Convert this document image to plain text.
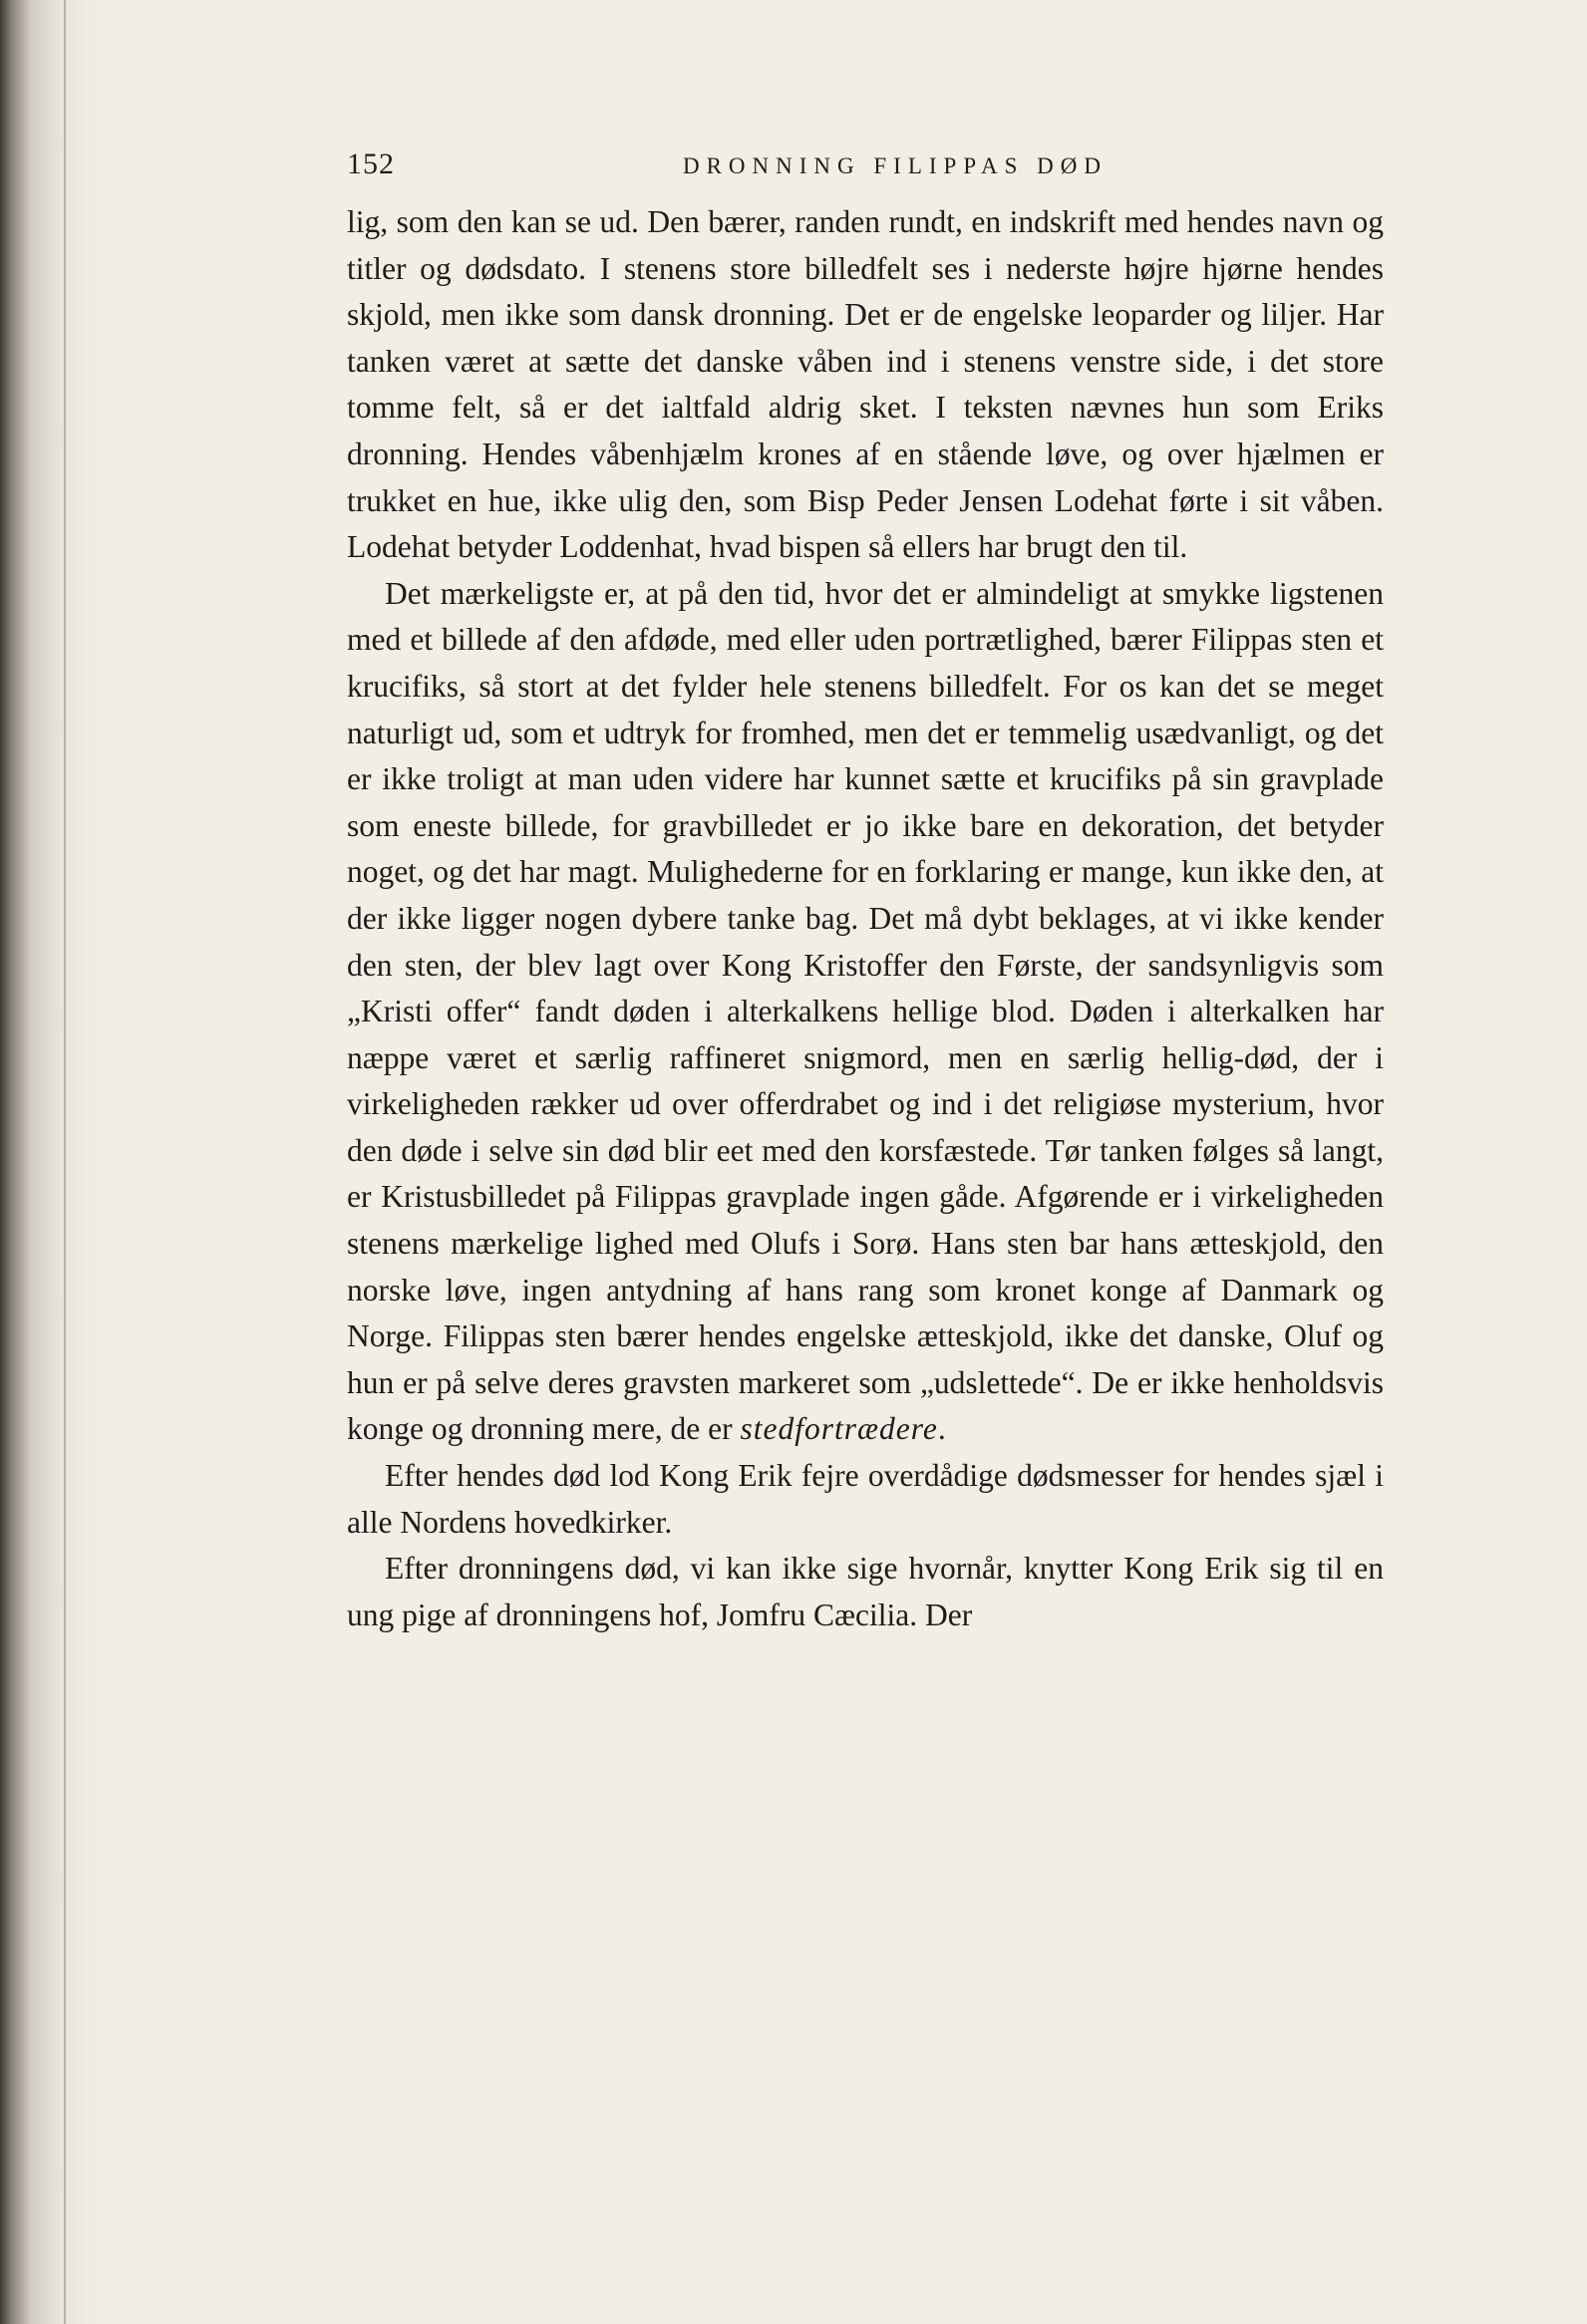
152	DRONNING FILIPPAS DØD

lig, som den kan se ud. Den bærer, randen rundt, en indskrift med hendes navn og titler og dødsdato. I stenens store billedfelt ses i nederste højre hjørne hendes skjold, men ikke som dansk dronning. Det er de engelske leoparder og liljer. Har tanken været at sætte det danske våben ind i stenens venstre side, i det store tomme felt, så er det ialtfald aldrig sket. I teksten nævnes hun som Eriks dronning. Hendes våbenhjælm krones af en stående løve, og over hjælmen er trukket en hue, ikke ulig den, som Bisp Peder Jensen Lodehat førte i sit våben. Lodehat betyder Loddenhat, hvad bispen så ellers har brugt den til.

Det mærkeligste er, at på den tid, hvor det er almindeligt at smykke ligstenen med et billede af den afdøde, med eller uden portrætlighed, bærer Filippas sten et krucifiks, så stort at det fylder hele stenens billedfelt. For os kan det se meget naturligt ud, som et udtryk for fromhed, men det er temmelig usædvanligt, og det er ikke troligt at man uden videre har kunnet sætte et krucifiks på sin gravplade som eneste billede, for gravbilledet er jo ikke bare en dekoration, det betyder noget, og det har magt. Mulighederne for en forklaring er mange, kun ikke den, at der ikke ligger nogen dybere tanke bag. Det må dybt beklages, at vi ikke kender den sten, der blev lagt over Kong Kristoffer den Første, der sandsynligvis som „Kristi offer“ fandt døden i alterkalkens hellige blod. Døden i alterkalken har næppe været et særlig raffineret snigmord, men en særlig hellig-død, der i virkeligheden rækker ud over offerdrabet og ind i det religiøse mysterium, hvor den døde i selve sin død blir eet med den korsfæstede. Tør tanken følges så langt, er Kristusbilledet på Filippas gravplade ingen gåde. Afgørende er i virkeligheden stenens mærkelige lighed med Olufs i Sorø. Hans sten bar hans ætteskjold, den norske løve, ingen antydning af hans rang som kronet konge af Danmark og Norge. Filippas sten bærer hendes engelske ætteskjold, ikke det danske, Oluf og hun er på selve deres gravsten markeret som „udslettede“. De er ikke henholdsvis konge og dronning mere, de er stedfortrædere.

Efter hendes død lod Kong Erik fejre overdådige dødsmesser for hendes sjæl i alle Nordens hovedkirker.

Efter dronningens død, vi kan ikke sige hvornår, knytter Kong Erik sig til en ung pige af dronningens hof, Jomfru Cæcilia. Der
